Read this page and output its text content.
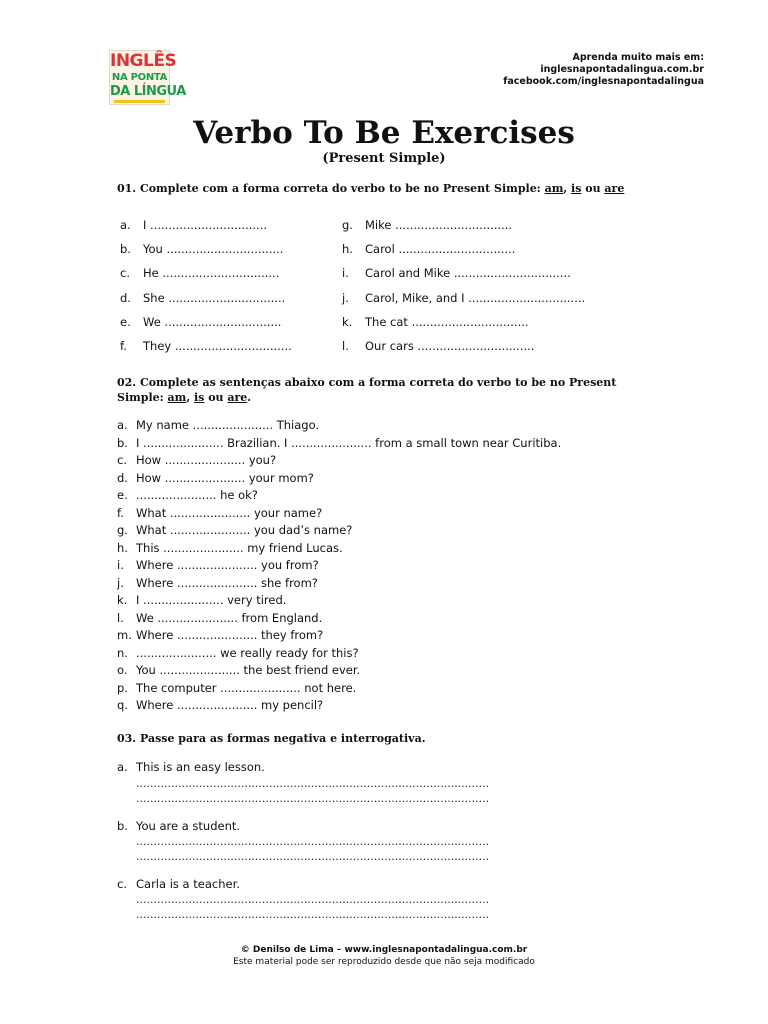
INGLÊS
NA PONTA
DA LÍNGUA
Aprenda muito mais em:
inglesnapontadalingua.com.br
facebook.com/inglesnapontadalingua
Verbo To Be Exercises
(Present Simple)
01. Complete com a forma correta do verbo to be no Present Simple: am, is ou are
a. I ................................
b. You ................................
c. He ................................
d. She ................................
e. We ................................
f. They ................................
g. Mike ................................
h. Carol ................................
i. Carol and Mike ................................
j. Carol, Mike, and I ................................
k. The cat ................................
l. Our cars ................................
02. Complete as sentenças abaixo com a forma correta do verbo to be no Present
Simple: am, is ou are.
a. My name ...................... Thiago.
b. I ...................... Brazilian. I ...................... from a small town near Curitiba.
c. How ...................... you?
d. How ...................... your mom?
e. ...................... he ok?
f. What ...................... your name?
g. What ...................... you dad’s name?
h. This ...................... my friend Lucas.
i. Where ...................... you from?
j. Where ...................... she from?
k. I ...................... very tired.
l. We ...................... from England.
m. Where ...................... they from?
n. ...................... we really ready for this?
o. You ...................... the best friend ever.
p. The computer ...................... not here.
q. Where ...................... my pencil?
03. Passe para as formas negativa e interrogativa.
a. This is an easy lesson.
.....................................................................................................
.....................................................................................................
b. You are a student.
.....................................................................................................
.....................................................................................................
c. Carla is a teacher.
.....................................................................................................
.....................................................................................................
© Denilso de Lima – www.inglesnapontadalingua.com.br
Este material pode ser reproduzido desde que não seja modificado
